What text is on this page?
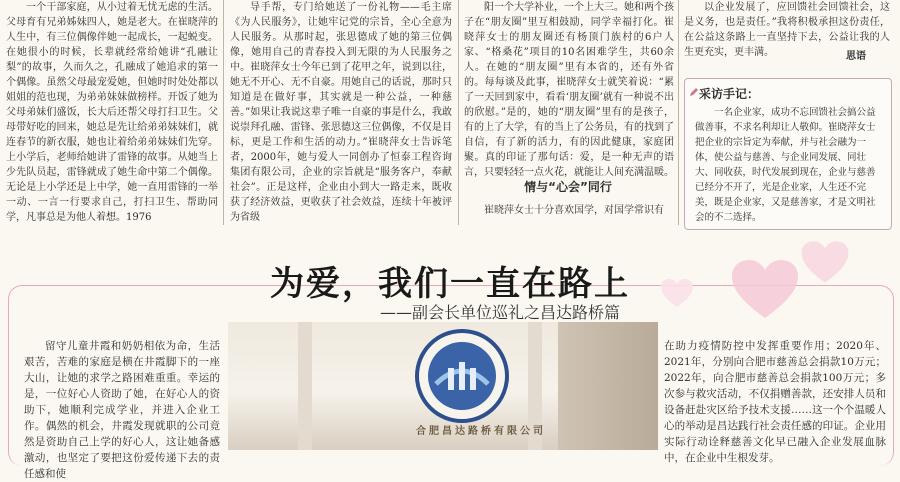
一个干部家庭，从小过着无忧无虑的生活。父母育有兄弟姊妹四人，她是老大。在崔晓萍的人生中，有三位偶像伴她一起成长，一起蜕变。在她很小的时候，长辈就经常给她讲“孔融让梨”的故事，久而久之，孔融成了她追求的第一个偶像。虽然父母最宠爱她，但她时时处处都以姐姐的范也现，为弟弟妹妹做榜样。开饭了她为父母弟妹们盛饭，长大后还帮父母打扫卫生。父母带好吃的回来，她总是先让给弟弟妹妹们，就连春节的新衣服，她也让着给弟弟妹妹们先穿。上小学后，老师给她讲了雷锋的故事。从她当上少先队员起，雷锋就成了她生命中第二个偶像。无论是上小学还是上中学，她一直用雷锋的一举一动、一言一行要求自己，打扫卫生、帮助同学，凡事总是为他人着想。1976

导手帮，专门给她送了一份礼物——毛主席《为人民服务》，让她牢记党的宗旨，全心全意为人民服务。从那时起，张思德成了她的第三位偶像，她用自己的青春投入到无限的为人民服务之中。崔晓萍女士今年已到了花甲之年，说到以往，她无不开心、无不自豪。用她自己的话说，那时只知道是在做好事，其实就是一种公益，一种慈善。”如果让我说这辈子唯一自豪的事是什么，我敢说崇拜孔融、雷锋、张思德这三位偶像，不仅是目标，更是工作和生活的动力。”崔晓萍女士告诉笔者，2000年，她与爱人一同创办了恒泰工程咨询集团有限公司，企业的宗旨就是“服务客户，奉献社会”。正是这样，企业由小到大一路走来，既收获了经济效益，更收获了社会效益，连续十年被评为省级

阳一个大学补业，一个上大三。她和两个孩子在“朋友圈”里互相鼓励，同学幸福打化。崔晓萍女士的朋友圈还有杨顶门族村的6户人家、“格桑花”项目的10名困难学生，共60余人。在她的“朋友圈”里有本省的，还有外省的。每每谈及此事，崔晓萍女士就笑着说：“累了一天回到家中，看看‘朋友圈’就有一种说不出的欣慰。”是的，她的“朋友圈”里有的是孩子，有的上了大学，有的当上了公务员，有的找到了自信，有了新的活力，有的因此健康，家庭团聚。真的印证了那句话：爱，是一种无声的语言，只要轻轻一点火花，就能让人间充满温暖。

情与“心会”同行

崔晓萍女士十分喜欢国学，对国学常识有

以企业发展了，应回馈社会回馈社会，这是义务，也是责任。”我将积极承担这份责任，在公益这条路上一直坚持下去，公益让我的人生更充实，更丰满。	思语
采访手记：
一名企业家，成功不忘回馈社会搞公益做善事，不求名利却让人敬仰。崔晓萍女士把企业的宗旨定为奉献，并与社会融为一体，使公益与慈善、与企业同发展、同壮大、同收获，时代发展到现在，企业与慈善已经分不开了，光是企业家，人生还不完美，既是企业家，又是慈善家，才是文明社会的不二选择。
为爱，我们一直在路上
——副会长单位巡礼之昌达路桥篇

留守儿童井霞和奶奶相依为命，生活艰苦，苦难的家庭是横在井霞脚下的一座大山，让她的求学之路困难重重。幸运的是，一位好心人资助了她，在好心人的资助下，她顺利完成学业，并进入企业工作。偶然的机会，井霞发现就职的公司竟然是资助自己上学的好心人，这让她备感激动，也坚定了要把这份爱传递下去的责任感和使

合肥昌达路桥有限公司

在助力疫情防控中发挥重要作用；2020年、2021年，分别向合肥市慈善总会捐款10万元；2022年，向合肥市慈善总会捐款100万元；多次参与救灾活动，不仅捐赠善款，还安排人员和设备赶赴灾区给予技术支援……这一个个温暖人心的举动是昌达践行社会责任感的印证。企业用实际行动诠释慈善文化早已融入企业发展血脉中，在企业中生根发芽。
